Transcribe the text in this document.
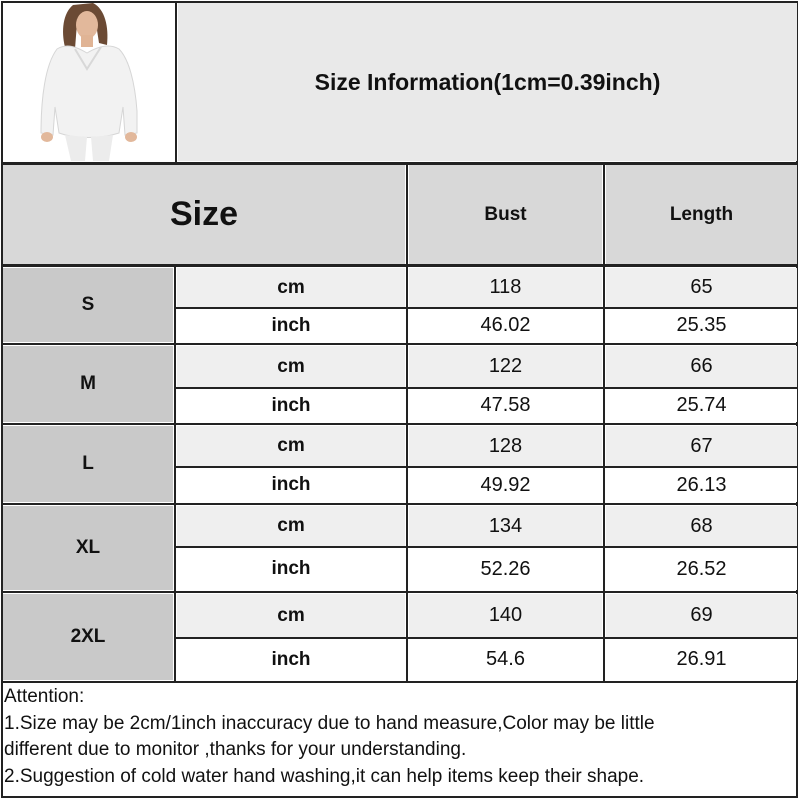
Size Information(1cm=0.39inch)
Size	Bust	Length
S
cm	118	65
inch	46.02	25.35
M
cm	122	66
inch	47.58	25.74
L
cm	128	67
inch	49.92	26.13
XL
cm	134	68
inch	52.26	26.52
2XL
cm	140	69
inch	54.6	26.91
Attention:
1.Size may be 2cm/1inch inaccuracy due to hand measure,Color may be little
different due to monitor ,thanks for your understanding.
2.Suggestion of cold water hand washing,it can help items keep their shape.
